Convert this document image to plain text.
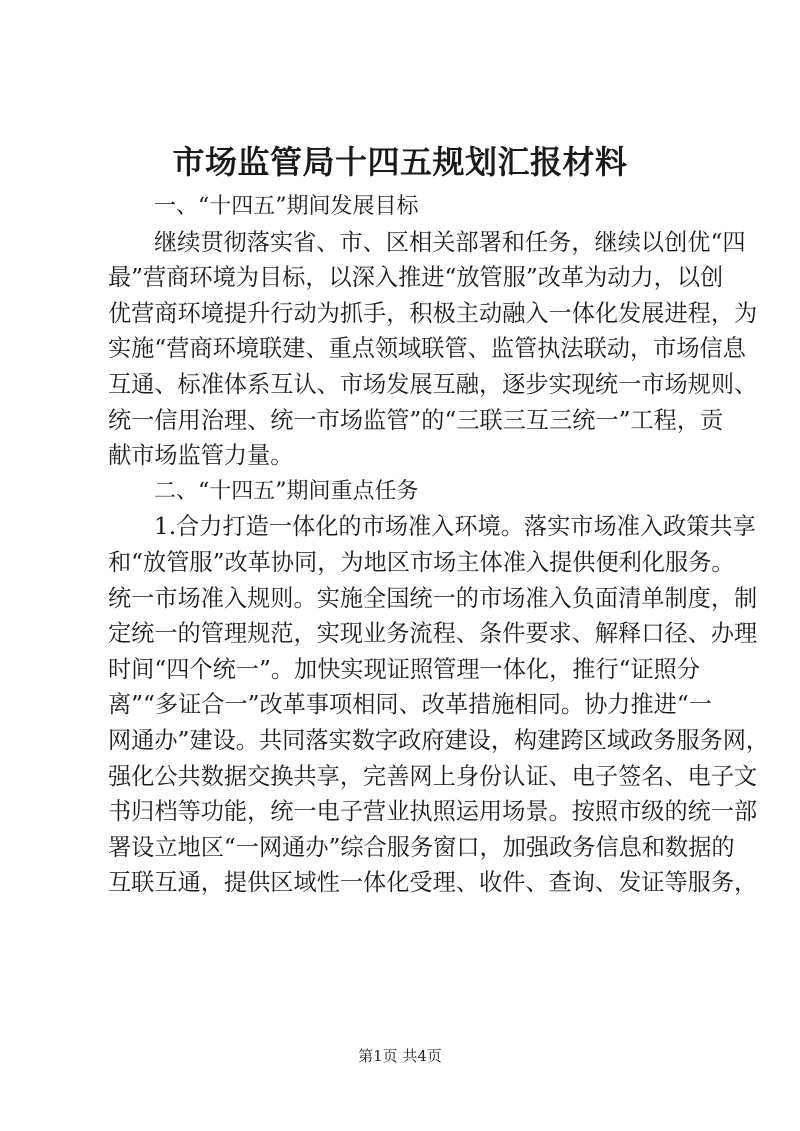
市场监管局十四五规划汇报材料
一、“十四五”期间发展目标
继续贯彻落实省、市、区相关部署和任务，继续以创优“四
最”营商环境为目标，以深入推进“放管服”改革为动力，以创
优营商环境提升行动为抓手，积极主动融入一体化发展进程，为
实施“营商环境联建、重点领域联管、监管执法联动，市场信息
互通、标准体系互认、市场发展互融，逐步实现统一市场规则、
统一信用治理、统一市场监管”的“三联三互三统一”工程，贡
献市场监管力量。
二、“十四五”期间重点任务
1.合力打造一体化的市场准入环境。落实市场准入政策共享
和“放管服”改革协同，为地区市场主体准入提供便利化服务。
统一市场准入规则。实施全国统一的市场准入负面清单制度，制
定统一的管理规范，实现业务流程、条件要求、解释口径、办理
时间“四个统一”。加快实现证照管理一体化，推行“证照分
离”“多证合一”改革事项相同、改革措施相同。协力推进“一
网通办”建设。共同落实数字政府建设，构建跨区域政务服务网，
强化公共数据交换共享，完善网上身份认证、电子签名、电子文
书归档等功能，统一电子营业执照运用场景。按照市级的统一部
署设立地区“一网通办”综合服务窗口，加强政务信息和数据的
互联互通，提供区域性一体化受理、收件、查询、发证等服务，
第1页 共4页
